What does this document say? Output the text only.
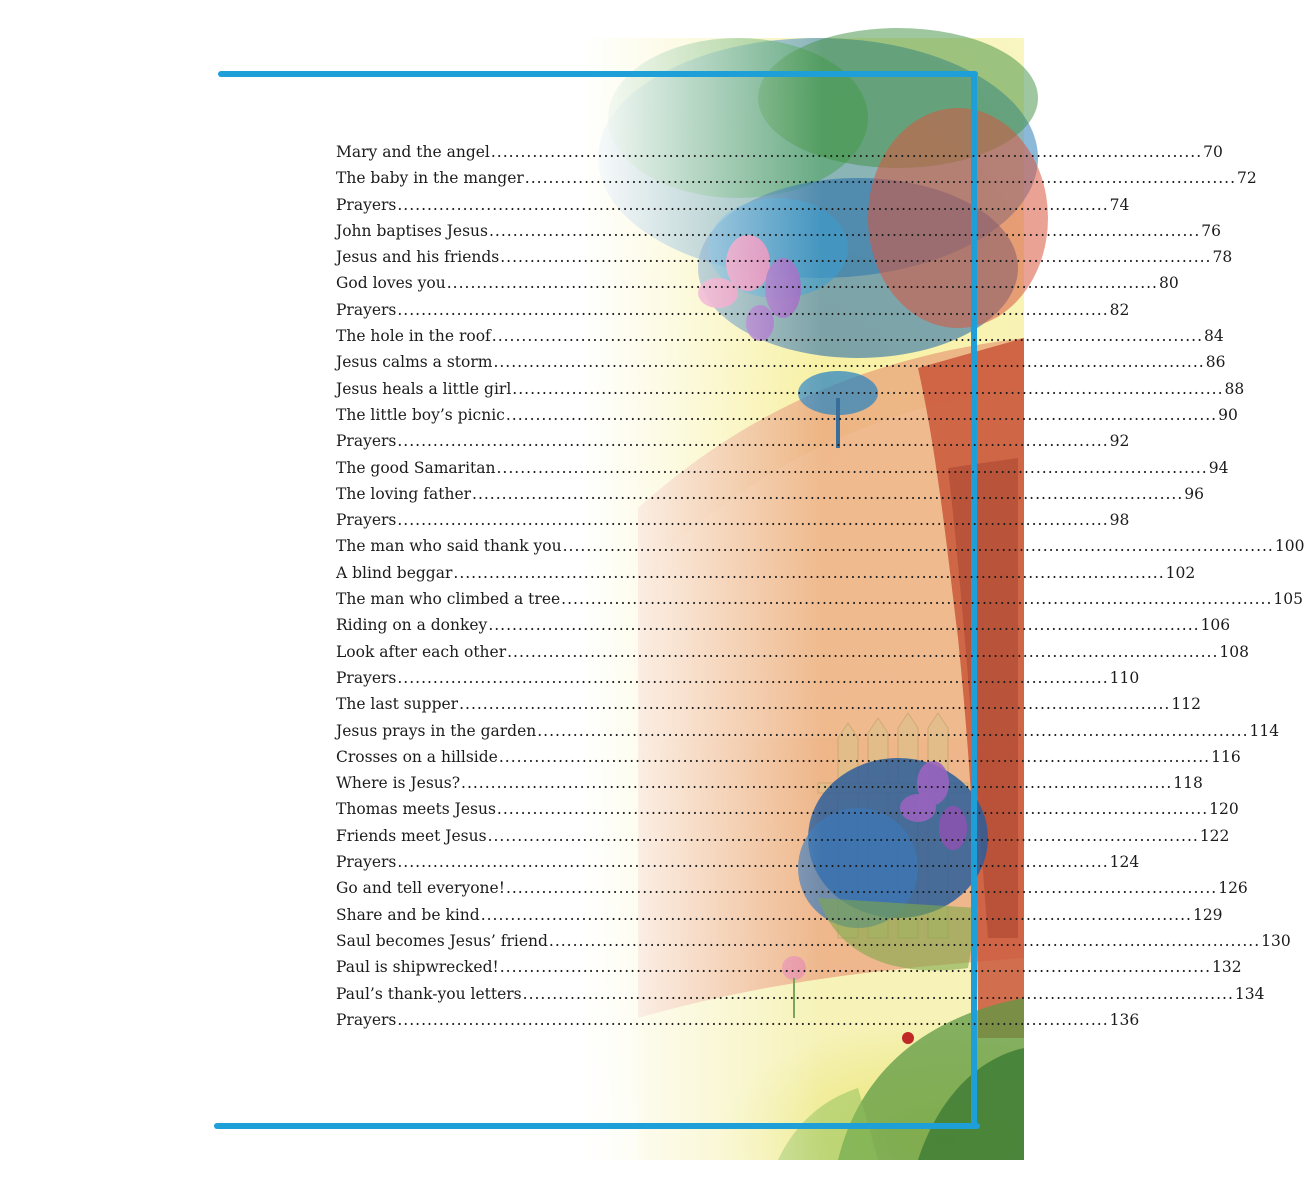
Mary and the angel ........................................................................................................................ 70
The baby in the manger ........................................................................................................................ 72
Prayers ........................................................................................................................ 74
John baptises Jesus ........................................................................................................................ 76
Jesus and his friends ........................................................................................................................ 78
God loves you ........................................................................................................................ 80
Prayers ........................................................................................................................ 82
The hole in the roof ........................................................................................................................ 84
Jesus calms a storm ........................................................................................................................ 86
Jesus heals a little girl ........................................................................................................................ 88
The little boy’s picnic ........................................................................................................................ 90
Prayers ........................................................................................................................ 92
The good Samaritan ........................................................................................................................ 94
The loving father ........................................................................................................................ 96
Prayers ........................................................................................................................ 98
The man who said thank you ........................................................................................................................ 100
A blind beggar ........................................................................................................................ 102
The man who climbed a tree ........................................................................................................................ 105
Riding on a donkey ........................................................................................................................ 106
Look after each other ........................................................................................................................ 108
Prayers ........................................................................................................................ 110
The last supper ........................................................................................................................ 112
Jesus prays in the garden ........................................................................................................................ 114
Crosses on a hillside ........................................................................................................................ 116
Where is Jesus? ........................................................................................................................ 118
Thomas meets Jesus ........................................................................................................................ 120
Friends meet Jesus ........................................................................................................................ 122
Prayers ........................................................................................................................ 124
Go and tell everyone! ........................................................................................................................ 126
Share and be kind ........................................................................................................................ 129
Saul becomes Jesus’ friend ........................................................................................................................ 130
Paul is shipwrecked! ........................................................................................................................ 132
Paul’s thank-you letters ........................................................................................................................ 134
Prayers ........................................................................................................................ 136
